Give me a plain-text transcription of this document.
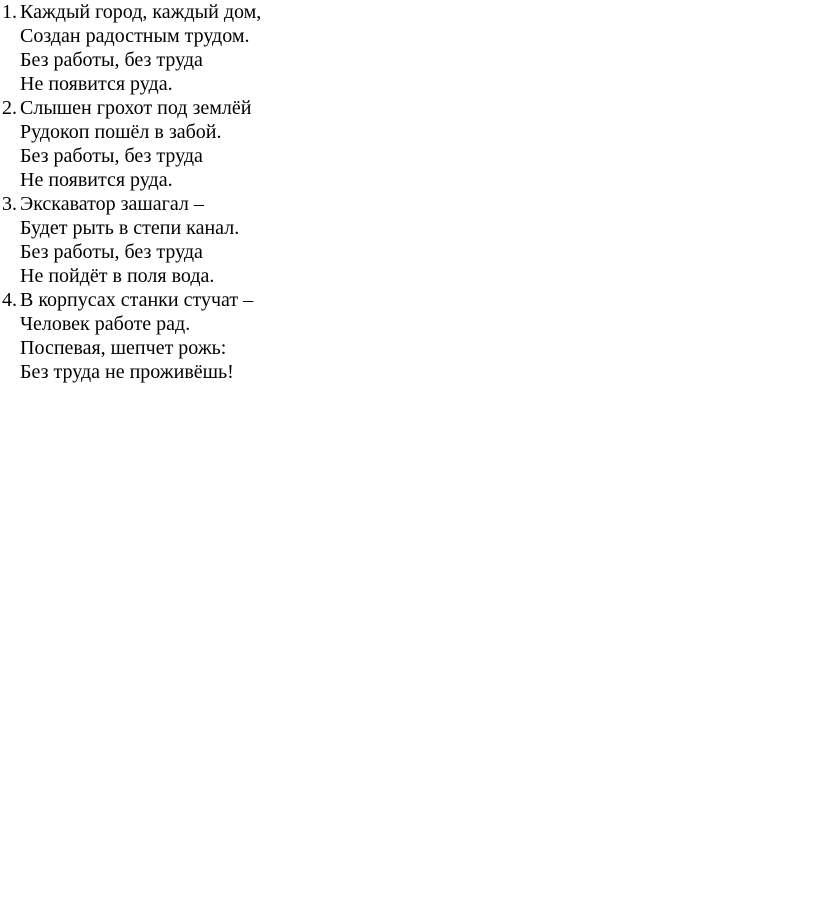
1. Каждый город, каждый дом,
Создан радостным трудом.
Без работы, без труда
Не появится руда.
2. Слышен грохот под землёй
Рудокоп пошёл в забой.
Без работы, без труда
Не появится руда.
3. Экскаватор зашагал –
Будет рыть в степи канал.
Без работы, без труда
Не пойдёт в поля вода.
4. В корпусах станки стучат –
Человек работе рад.
Поспевая, шепчет рожь:
Без труда не проживёшь!
